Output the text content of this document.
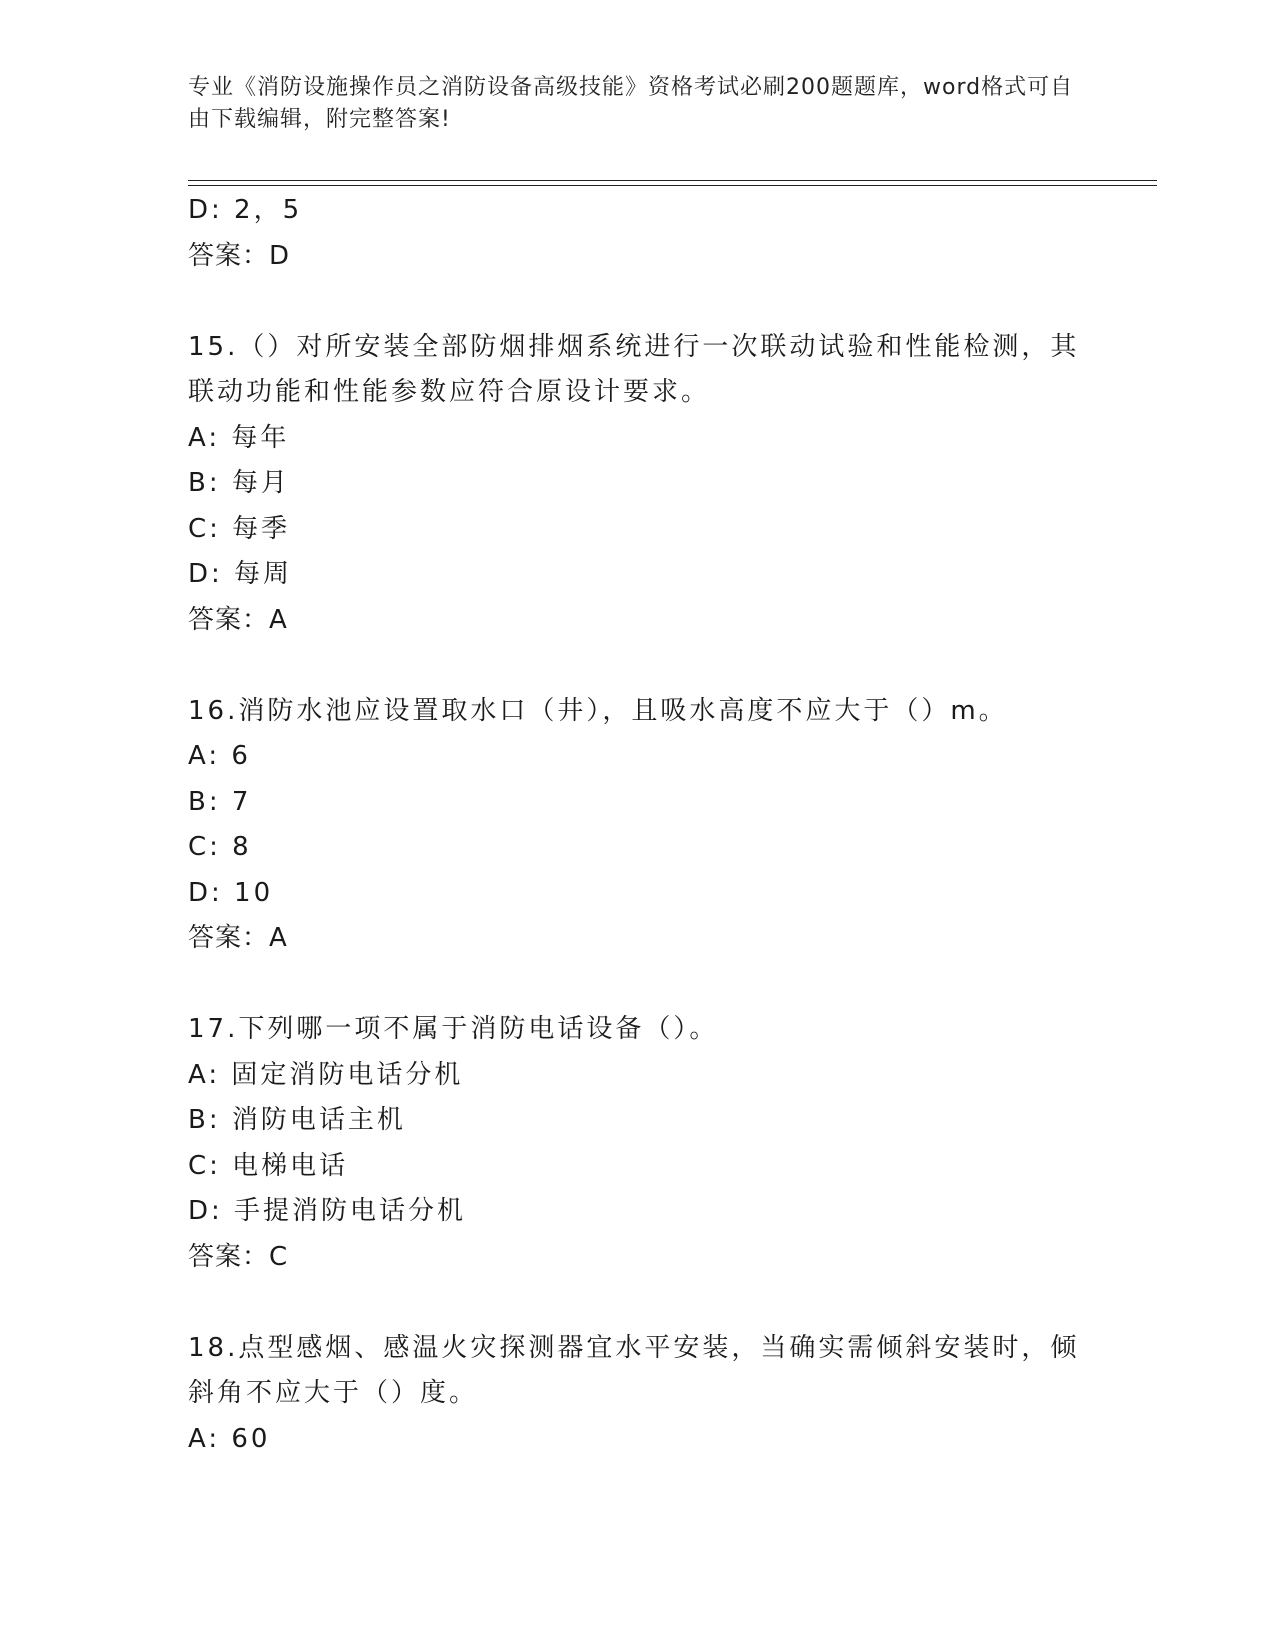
专业《消防设施操作员之消防设备高级技能》资格考试必刷200题题库，word格式可自由下载编辑，附完整答案!
D: 2，5
答案：D
15.（）对所安装全部防烟排烟系统进行一次联动试验和性能检测，其
联动功能和性能参数应符合原设计要求。
A: 每年
B: 每月
C: 每季
D: 每周
答案：A
16.消防水池应设置取水口（井），且吸水高度不应大于（）m。
A: 6
B: 7
C: 8
D: 10
答案：A
17.下列哪一项不属于消防电话设备（）。
A: 固定消防电话分机
B: 消防电话主机
C: 电梯电话
D: 手提消防电话分机
答案：C
18.点型感烟、感温火灾探测器宜水平安装，当确实需倾斜安装时，倾
斜角不应大于（）度。
A: 60
